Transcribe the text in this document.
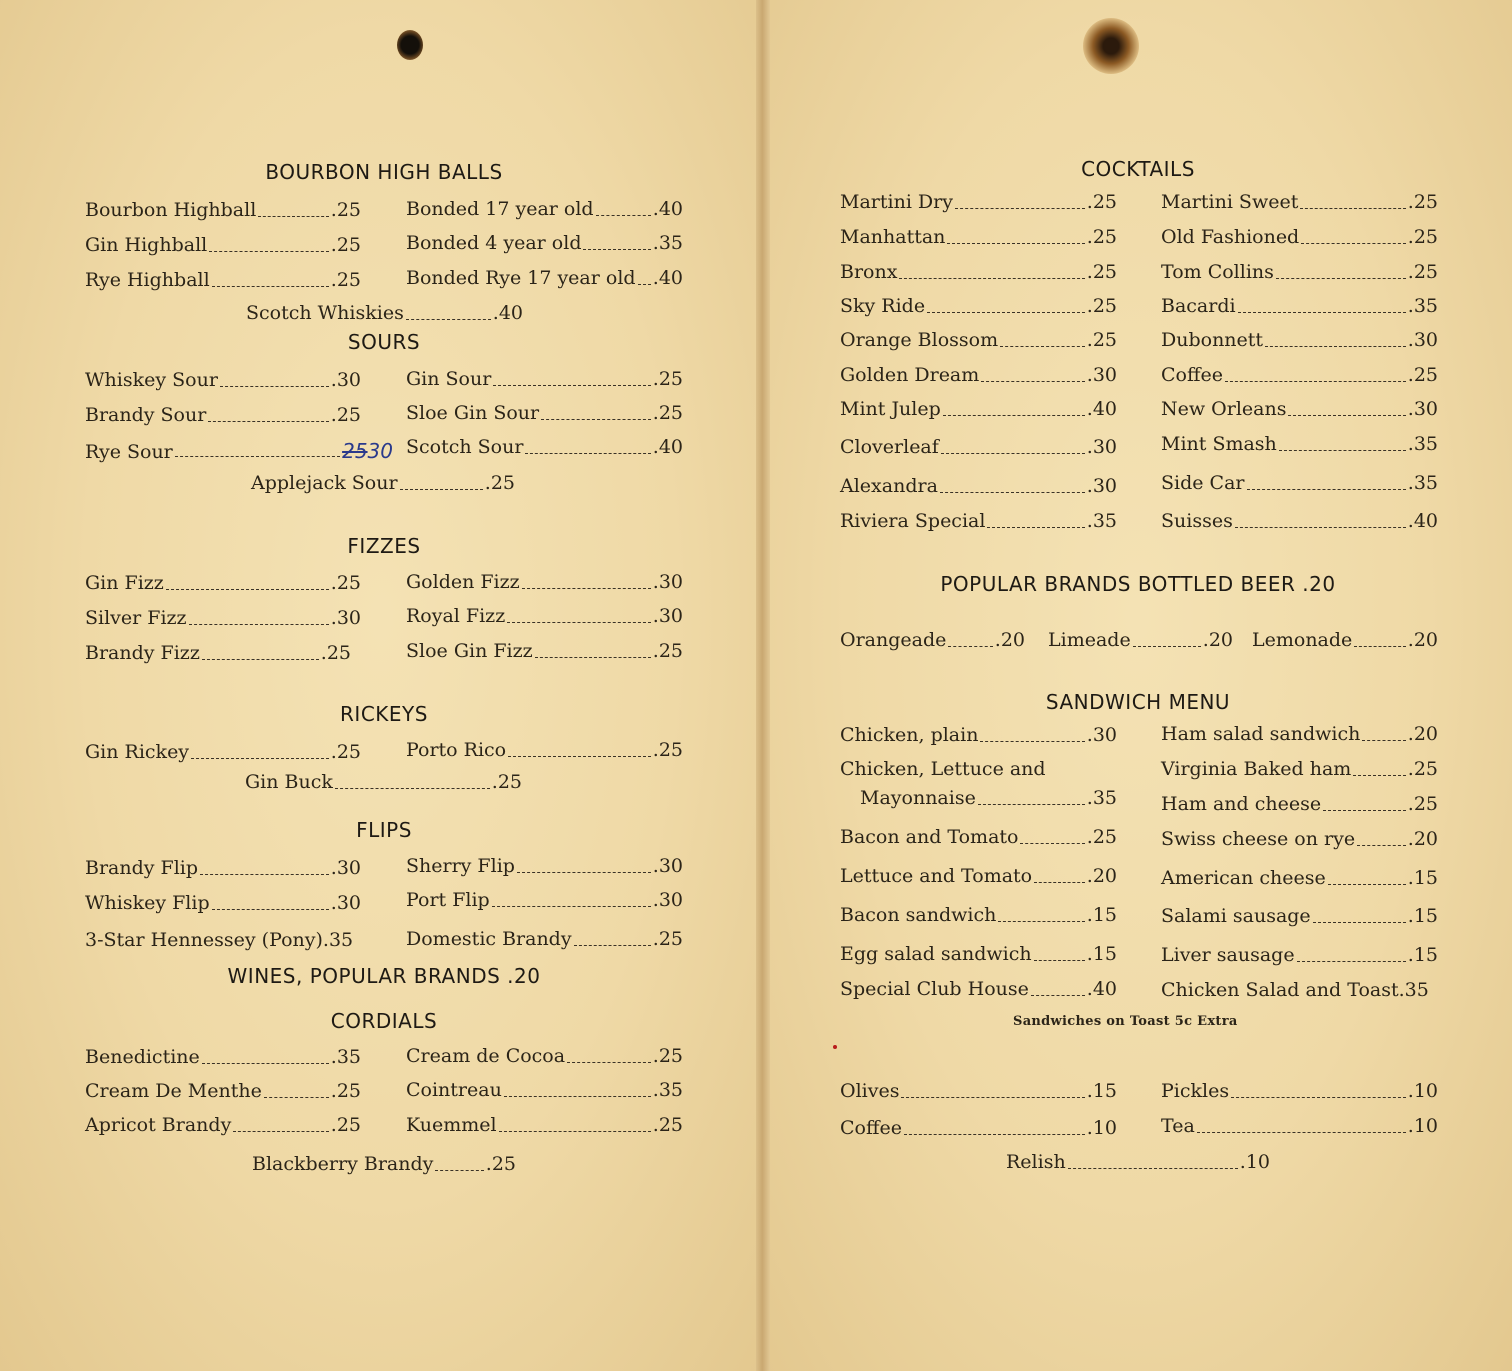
BOURBON HIGH BALLS
Bourbon Highball	.25
Gin Highball	.25
Rye Highball	.25
Bonded 17 year old	.40
Bonded 4 year old	.35
Bonded Rye 17 year old .40
Scotch Whiskies	.40
SOURS
Whiskey Sour	.30
Brandy Sour	.25
Rye Sour	2530
Gin Sour	.25
Sloe Gin Sour	.25
Scotch Sour	.40
Applejack Sour	.25
FIZZES
Gin Fizz	.25
Silver Fizz	.30
Brandy Fizz	.25
Golden Fizz	.30
Royal Fizz	.30
Sloe Gin Fizz	.25
RICKEYS
Gin Rickey	.25 Porto Rico	.25
Gin Buck	.25
FLIPS
Brandy Flip	.30
Whiskey Flip	.30
3-Star Hennessey (Pony) .35
Sherry Flip	.30
Port Flip	.30
Domestic Brandy	.25
WINES, POPULAR BRANDS .20
CORDIALS
Benedictine	.35
Cream De Menthe	.25
Apricot Brandy	.25
Cream de Cocoa	.25
Cointreau	.35
Kuemmel	.25
Blackberry Brandy	.25
COCKTAILS
Martini Dry	.25
Manhattan	.25
Bronx	.25
Sky Ride	.25
Orange Blossom	.25
Golden Dream	.30
Mint Julep	.40
Cloverleaf	.30
Alexandra	.30
Riviera Special	.35
Martini Sweet	.25
Old Fashioned	.25
Tom Collins	.25
Bacardi	.35
Dubonnett	.30
Coffee	.25
New Orleans	.30
Mint Smash	.35
Side Car	.35
Suisses	.40
POPULAR BRANDS BOTTLED BEER .20
Orangeade	.20 Limeade	.20 Lemonade	.20
SANDWICH MENU
Chicken, plain	.30
Chicken, Lettuce and
Mayonnaise	.35
Bacon and Tomato	.25
Lettuce and Tomato	.20
Bacon sandwich	.15
Egg salad sandwich	.15
Special Club House	.40
Ham salad sandwich .20
Virginia Baked ham	.25
Ham and cheese	.25
Swiss cheese on rye	.20
American cheese	.15
Salami sausage	.15
Liver sausage	.15
Chicken Salad and Toast .35
Sandwiches on Toast 5c Extra
Olives	.15
Coffee	.10
Pickles	.10
Tea	.10
Relish	.10
